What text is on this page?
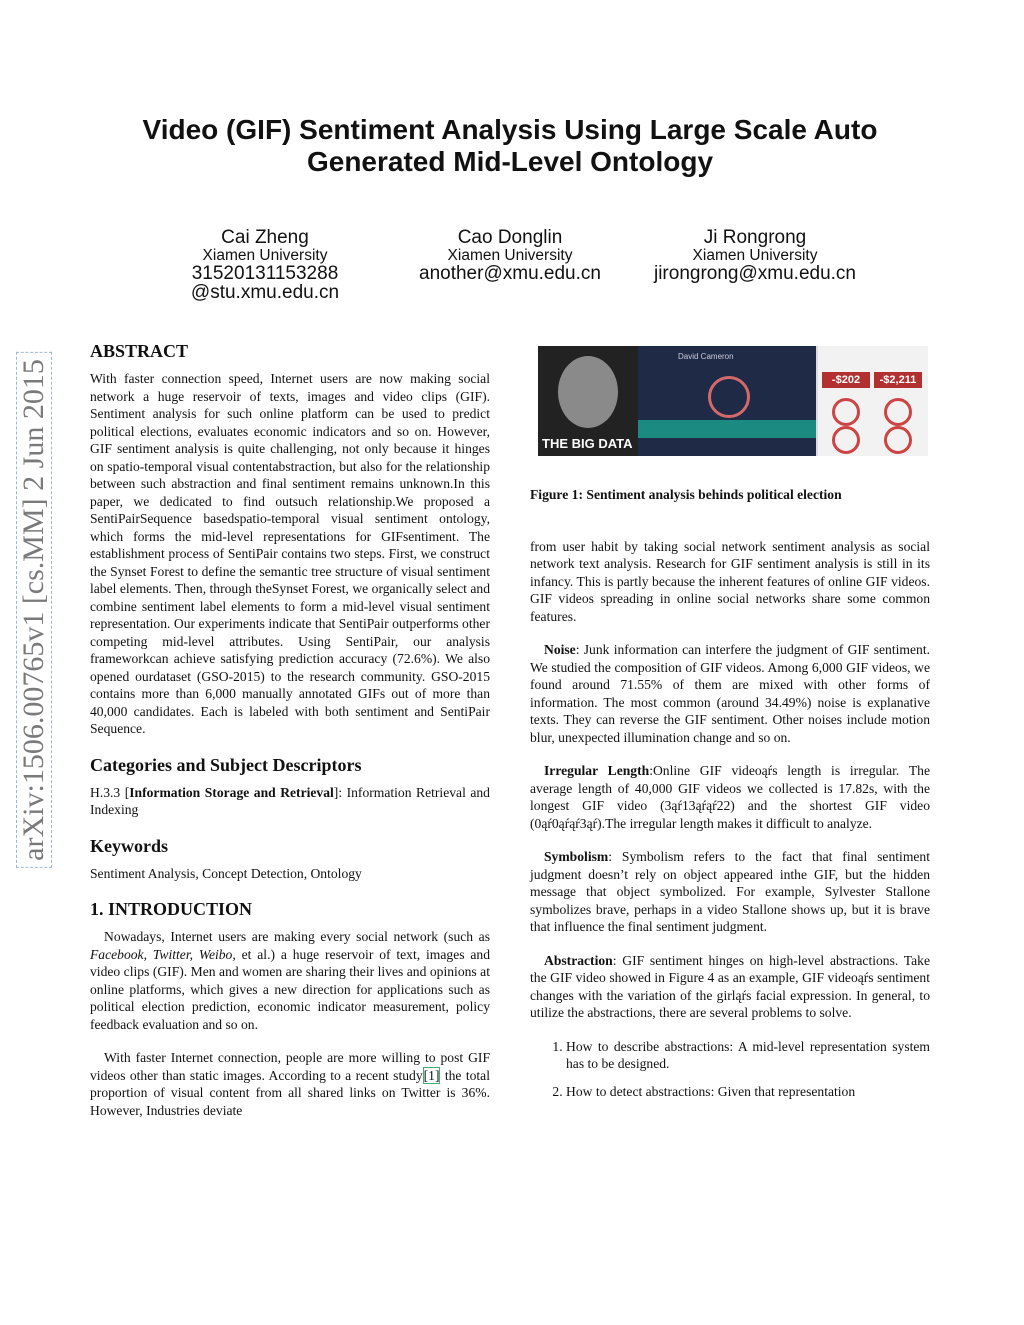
arXiv:1506.00765v1 [cs.MM] 2 Jun 2015
Video (GIF) Sentiment Analysis Using Large Scale Auto
Generated Mid-Level Ontology
Cai Zheng
Xiamen University
31520131153288
@stu.xmu.edu.cn
Cao Donglin
Xiamen University
another@xmu.edu.cn
Ji Rongrong
Xiamen University
jirongrong@xmu.edu.cn
ABSTRACT

With faster connection speed, Internet users are now making social network a huge reservoir of texts, images and video clips (GIF). Sentiment analysis for such online platform can be used to predict political elections, evaluates economic indicators and so on. However, GIF sentiment analysis is quite challenging, not only because it hinges on spatio-temporal visual contentabstraction, but also for the relationship between such abstraction and final sentiment remains unknown.In this paper, we dedicated to find outsuch relationship.We proposed a SentiPairSequence basedspatio-temporal visual sentiment ontology, which forms the mid-level representations for GIFsentiment. The establishment process of SentiPair contains two steps. First, we construct the Synset Forest to define the semantic tree structure of visual sentiment label elements. Then, through theSynset Forest, we organically select and combine sentiment label elements to form a mid-level visual sentiment representation. Our experiments indicate that SentiPair outperforms other competing mid-level attributes. Using SentiPair, our analysis frameworkcan achieve satisfying prediction accuracy (72.6%). We also opened ourdataset (GSO-2015) to the research community. GSO-2015 contains more than 6,000 manually annotated GIFs out of more than 40,000 candidates. Each is labeled with both sentiment and SentiPair Sequence.

Categories and Subject Descriptors

H.3.3 [Information Storage and Retrieval]: Information Retrieval and Indexing

Keywords

Sentiment Analysis, Concept Detection, Ontology

1. INTRODUCTION

Nowadays, Internet users are making every social network (such as Facebook, Twitter, Weibo, et al.) a huge reservoir of text, images and video clips (GIF). Men and women are sharing their lives and opinions at online platforms, which gives a new direction for applications such as political election prediction, economic indicator measurement, policy feedback evaluation and so on.

With faster Internet connection, people are more willing to post GIF videos other than static images. According to a recent study[1] the total proportion of visual content from all shared links on Twitter is 36%. However, Industries deviate

THE BIG DATA
David Cameron
-$202	-$2,211

Figure 1: Sentiment analysis behinds political election

from user habit by taking social network sentiment analysis as social network text analysis. Research for GIF sentiment analysis is still in its infancy. This is partly because the inherent features of online GIF videos. GIF videos spreading in online social networks share some common features.

Noise: Junk information can interfere the judgment of GIF sentiment. We studied the composition of GIF videos. Among 6,000 GIF videos, we found around 71.55% of them are mixed with other forms of information. The most common (around 34.49%) noise is explanative texts. They can reverse the GIF sentiment. Other noises include motion blur, unexpected illumination change and so on.

Irregular Length:Online GIF videoąŕs length is irregular. The average length of 40,000 GIF videos we collected is 17.82s, with the longest GIF video (3ąŕ13ąŕąŕ22) and the shortest GIF video (0ąŕ0ąŕąŕ3ąŕ).The irregular length makes it difficult to analyze.

Symbolism: Symbolism refers to the fact that final sentiment judgment doesn’t rely on object appeared inthe GIF, but the hidden message that object symbolized. For example, Sylvester Stallone symbolizes brave, perhaps in a video Stallone shows up, but it is brave that influence the final sentiment judgment.

Abstraction: GIF sentiment hinges on high-level abstractions. Take the GIF video showed in Figure 4 as an example, GIF videoąŕs sentiment changes with the variation of the girląŕs facial expression. In general, to utilize the abstractions, there are several problems to solve.

1. How to describe abstractions: A mid-level representation system has to be designed.
2. How to detect abstractions: Given that representation
